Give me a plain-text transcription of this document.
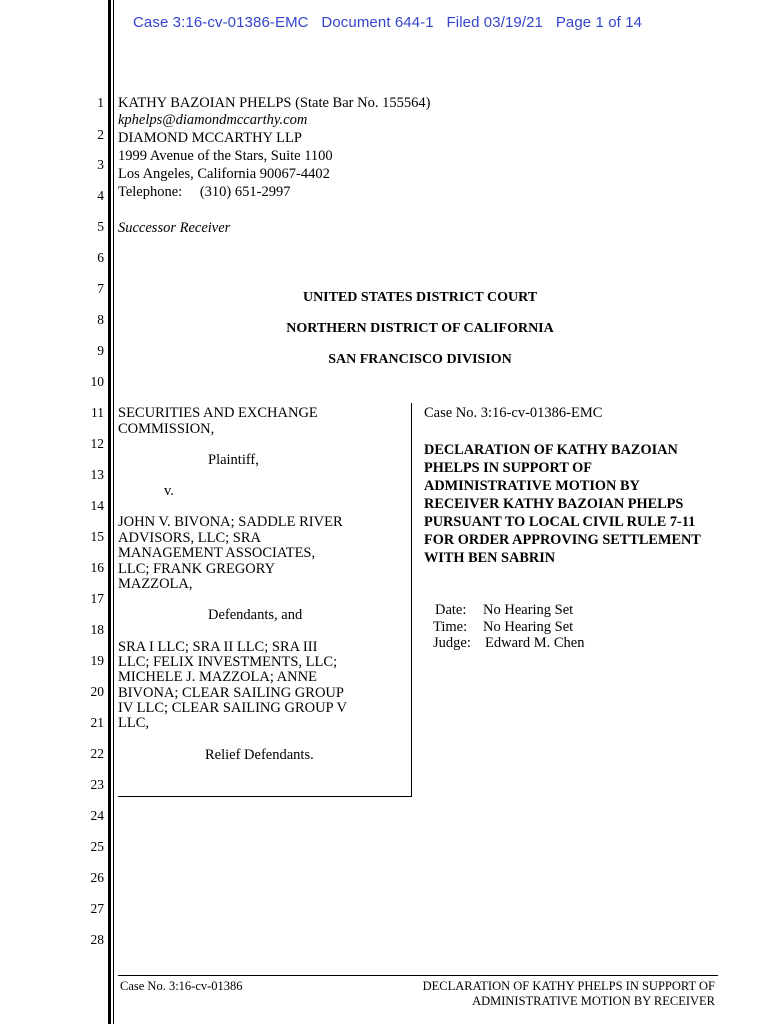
Case 3:16-cv-01386-EMC Document 644-1 Filed 03/19/21 Page 1 of 14
1
2
3
4
5
6
7
8
9
10
11
12
13
14
15
16
17
18
19
20
21
22
23
24
25
26
27
28
KATHY BAZOIAN PHELPS (State Bar No. 155564)
kphelps@diamondmccarthy.com
DIAMOND MCCARTHY LLP
1999 Avenue of the Stars, Suite 1100
Los Angeles, California 90067-4402
Telephone: (310) 651-2997
Successor Receiver
UNITED STATES DISTRICT COURT
NORTHERN DISTRICT OF CALIFORNIA
SAN FRANCISCO DIVISION
SECURITIES AND EXCHANGE
COMMISSION,
Plaintiff,
v.
JOHN V. BIVONA; SADDLE RIVER
ADVISORS, LLC; SRA
MANAGEMENT ASSOCIATES,
LLC; FRANK GREGORY
MAZZOLA,
Defendants, and
SRA I LLC; SRA II LLC; SRA III
LLC; FELIX INVESTMENTS, LLC;
MICHELE J. MAZZOLA; ANNE
BIVONA; CLEAR SAILING GROUP
IV LLC; CLEAR SAILING GROUP V
LLC,
Relief Defendants.
Case No. 3:16-cv-01386-EMC
DECLARATION OF KATHY BAZOIAN
PHELPS IN SUPPORT OF
ADMINISTRATIVE MOTION BY
RECEIVER KATHY BAZOIAN PHELPS
PURSUANT TO LOCAL CIVIL RULE 7-11
FOR ORDER APPROVING SETTLEMENT
WITH BEN SABRIN
Date: No Hearing Set
Time: No Hearing Set
Judge: Edward M. Chen
Case No. 3:16-cv-01386	DECLARATION OF KATHY PHELPS IN SUPPORT OF
ADMINISTRATIVE MOTION BY RECEIVER
